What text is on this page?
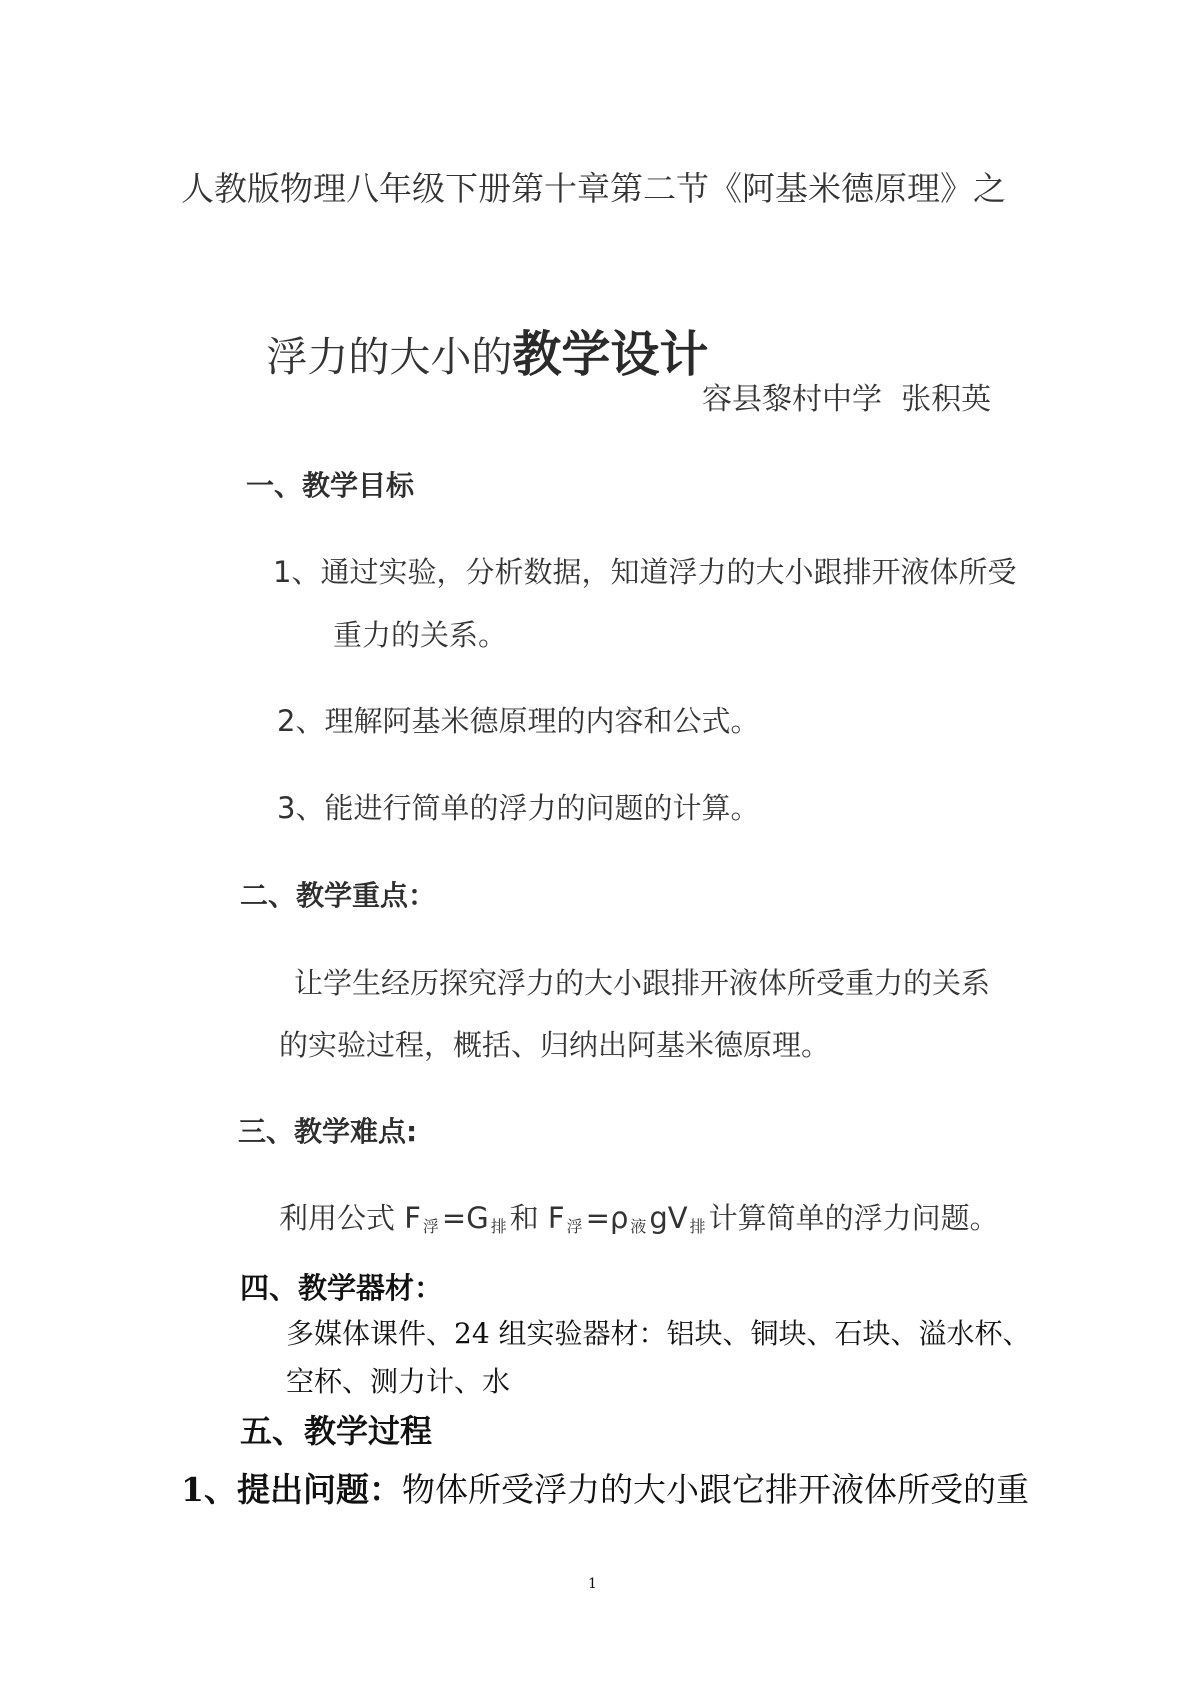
人教版物理八年级下册第十章第二节《阿基米德原理》之

浮力的大小的教学设计

容县黎村中学  张积英
一、教学目标
1、通过实验，分析数据，知道浮力的大小跟排开液体所受
重力的关系。
2、理解阿基米德原理的内容和公式。
3、能进行简单的浮力的问题的计算。
二、教学重点：
让学生经历探究浮力的大小跟排开液体所受重力的关系
的实验过程，概括、归纳出阿基米德原理。
三、教学难点:
利用公式 F $_浮$ =G $_排$ 和 F $_浮$ =ρ $_液$ gV $_排$ 计算简单的浮力问题。
四、教学器材：
多媒体课件、24 组实验器材：铝块、铜块、石块、溢水杯、
空杯、测力计、水
五、教学过程
1、提出问题：物体所受浮力的大小跟它排开液体所受的重
1
